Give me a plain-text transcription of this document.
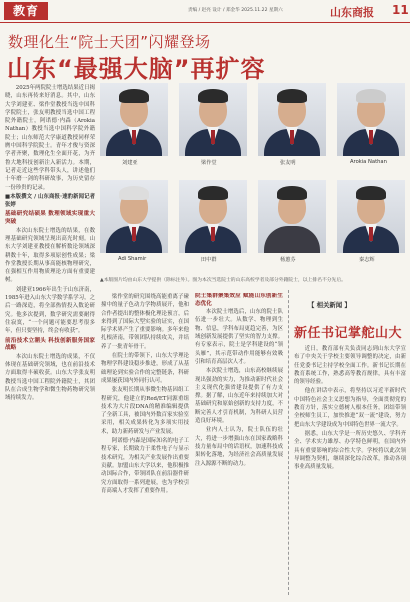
教育	责编 / 赵亮 设计 / 郑金华 2025.11.22 星期六	山东商报 11
数理化生“院士天团”闪耀登场
山东“最强大脑”再扩容

2025年两院院士增选结果近日揭晓，山东再传来好消息。其中，山东大学刘建亚、梁作堂教授当选中国科学院院士，张友明教授当选中国工程院外籍院士，阿诺德·内森（Arokia Nathan）教授当选中国科学院外籍院士；山东师范大学康道教授同样荣膺中国科学院院士。青年才俊与资深学者齐聚，数理化生全面开花，为齐鲁大地科技创新注入新活力。本期，记者走近这些学科带头人，讲述他们十年磨一剑的科研故事，为历史留存一份珍贵的记录。

■本版撰文 / 山东商报·速豹新闻记者 张婷

基础研究结硕果 数理领域实现重大突破

本次山东院士增选的结果，在数理基础研究领域呈现出高光时刻。山东大学刘建亚教授在解析数论领域深耕数十年，取得多项原创性成果；梁作堂教授长期从事高能核物理研究，在强相互作用物质理论方面有重要建树。

刘建亚1966年出生于山东济南，1985年进入山东大学数学系学习，之后一路深造，将全部热情投入数论研究。他多次提到，数学研究需要耐得住寂寞，“一个问题可能要思考很多年，但只要坚持，终会有收获”。

前沿技术立潮头 科技创新服务国家战略

本次山东院士增选的成果，不仅体现在基础研究领域，也在前沿技术方面取得丰硕收获。山东大学张友明教授当选中国工程院外籍院士，其团队在合成生物学和微生物药物研究领域持续发力。

刘建亚	梁作堂	张友明	Arokia Nathan
Adi Shamir	田中群	杨蕙芬	秦志辉
▲本版图片均由山东大学提供（除标注外）。图为本次当选院士的山东高校学者及部分外籍院士，以上排名不分先后。

梁作堂的研究围绕高能重离子碰撞中的量子色动力学物质展开，他和合作者提出的整体极化理论预言，后来得到了国际大型实验的证实，在国际学术界产生了重要影响。多年来他扎根济南，带领团队持续攻关，并培养了一批青年骨干。

在院士的带领下，山东大学理论物理学科建设稳步推进，形成了从基础理论到实验合作的完整链条，科研成果屡获国内外同行认可。

张友明长期从事微生物基因组工程研究，他建立的Red/ET同源重组技术为大片段DNA的精准编辑提供了全新工具，被国内外数百家实验室采用，相关成果转化为多项实用技术，助力新药研发与产业发展。

阿诺德·内森是国际知名的电子工程专家，长期致力于柔性电子与显示技术研究，为相关产业发展作出重要贡献。加盟山东大学以来，他积极推动国际合作，带领团队在前沿器件研究方面取得一系列进展，也为学校引育高端人才发挥了重要作用。

院士集群聚集效应 赋能山东创新生态优化

本次院士增选后，山东的院士队伍进一步壮大。从数学、物理到生物、信息，学科布局更趋完善，为区域创新发展提供了坚实的智力支撑。有专家表示，院士是学科建设的“领头雁”，其示范带动作用能够有效吸引和培育高层次人才。

本次院士增选，山东高校继续展现出强劲的实力，为推动新时代社会主义现代化强省建设提供了有力支撑。据了解，山东近年来持续加大对基础研究和原始创新的支持力度，不断完善人才引育机制，为科研人员营造良好环境。

业内人士认为，院士队伍的壮大，将进一步增强山东在国家战略科技力量布局中的话语权，加速科技成果转化落地，为经济社会高质量发展注入源源不断的动力。

【 相关新闻 】
新任书记掌舵山大

近日，教育部有关负责同志到山东大学宣布了中央关于学校主要领导调整的决定，由新任党委书记主持学校全面工作。新书记长期在教育系统工作，熟悉高等教育规律，具有丰富的领导经验。

他在讲话中表示，将坚持以习近平新时代中国特色社会主义思想为指导，全面贯彻党的教育方针，落实立德树人根本任务，团结带领全校师生员工，加快推进“双一流”建设，努力把山东大学建设成为中国特色世界一流大学。

据悉，山东大学是一所历史悠久、学科齐全、学术实力雄厚、办学特色鲜明，在国内外具有重要影响的综合性大学。学校将以此次领导调整为契机，继续深化综合改革，推动各项事业高质量发展。
